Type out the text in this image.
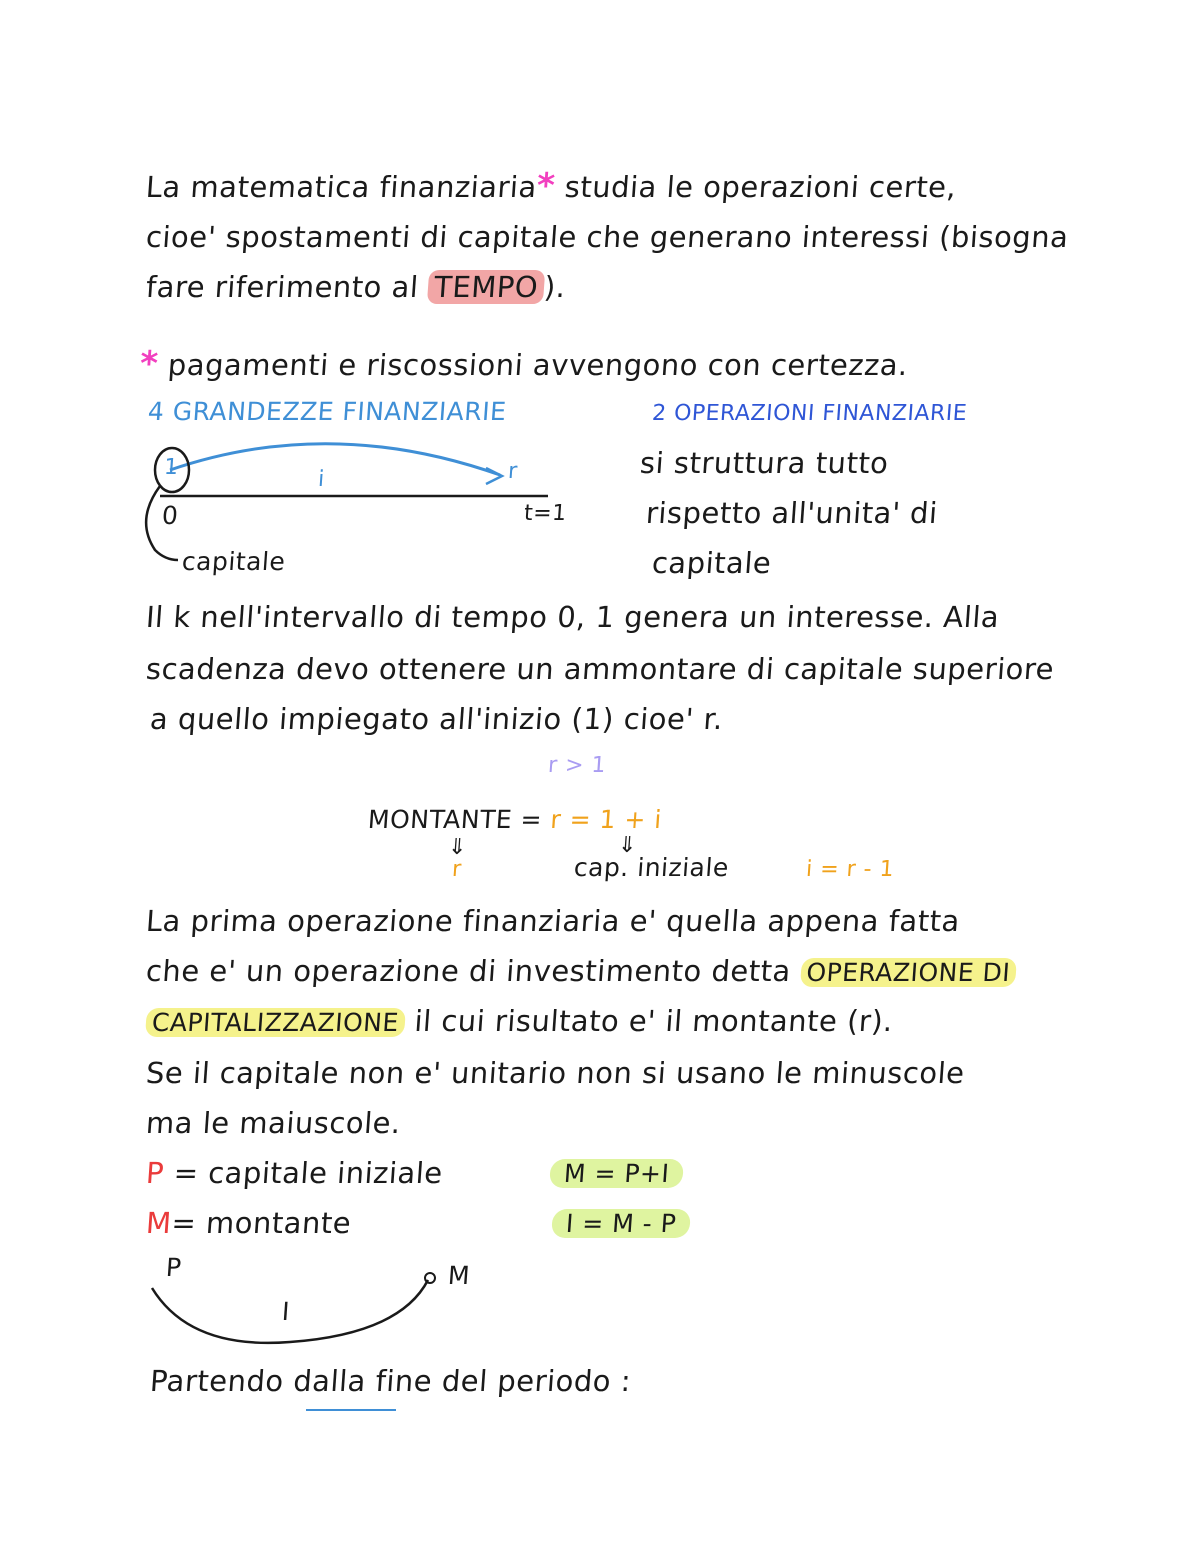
La matematica finanziaria* studia le operazioni certe,
cioe' spostamenti di capitale che generano interessi (bisogna
fare riferimento al TEMPO ).
* pagamenti e riscossioni avvengono con certezza.
4 GRANDEZZE FINANZIARIE	2 OPERAZIONI FINANZIARIE
1	i	r
0	t=1
capitale
si struttura tutto
rispetto all'unita' di
capitale
Il k nell'intervallo di tempo 0, 1 genera un interesse. Alla
scadenza devo ottenere un ammontare di capitale superiore
a quello impiegato all'inizio (1) cioe' r.
r > 1
MONTANTE = r = 1 + i
⇓	⇓
r	cap. iniziale	i = r - 1
La prima operazione finanziaria e' quella appena fatta
che e' un operazione di investimento detta OPERAZIONE DI
CAPITALIZZAZIONE il cui risultato e' il montante (r).
Se il capitale non e' unitario non si usano le minuscole
ma le maiuscole.
P = capitale iniziale
M= montante
M = P+I
I = M - P
P	M
I
Partendo dalla fine del periodo :
